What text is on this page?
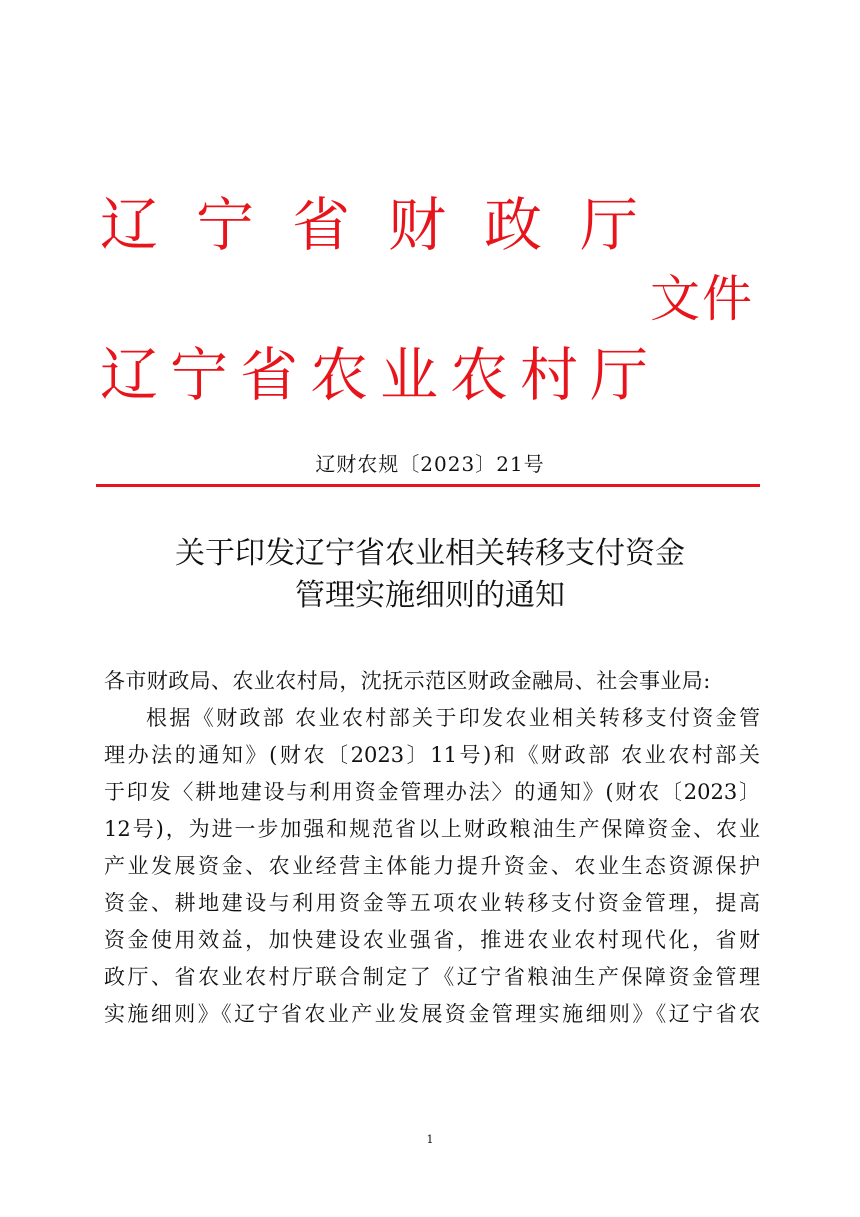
辽宁省财政厅
文件
辽宁省农业农村厅
辽财农规〔2023〕21号
关于印发辽宁省农业相关转移支付资金
管理实施细则的通知
各市财政局、农业农村局，沈抚示范区财政金融局、社会事业局:
根据《财政部 农业农村部关于印发农业相关转移支付资金管
理办法的通知》(财农〔2023〕11号)和《财政部 农业农村部关
于印发〈耕地建设与利用资金管理办法〉的通知》(财农〔2023〕
12号)，为进一步加强和规范省以上财政粮油生产保障资金、农业
产业发展资金、农业经营主体能力提升资金、农业生态资源保护
资金、耕地建设与利用资金等五项农业转移支付资金管理，提高
资金使用效益，加快建设农业强省，推进农业农村现代化，省财
政厅、省农业农村厅联合制定了《辽宁省粮油生产保障资金管理
实施细则》《辽宁省农业产业发展资金管理实施细则》《辽宁省农
1
